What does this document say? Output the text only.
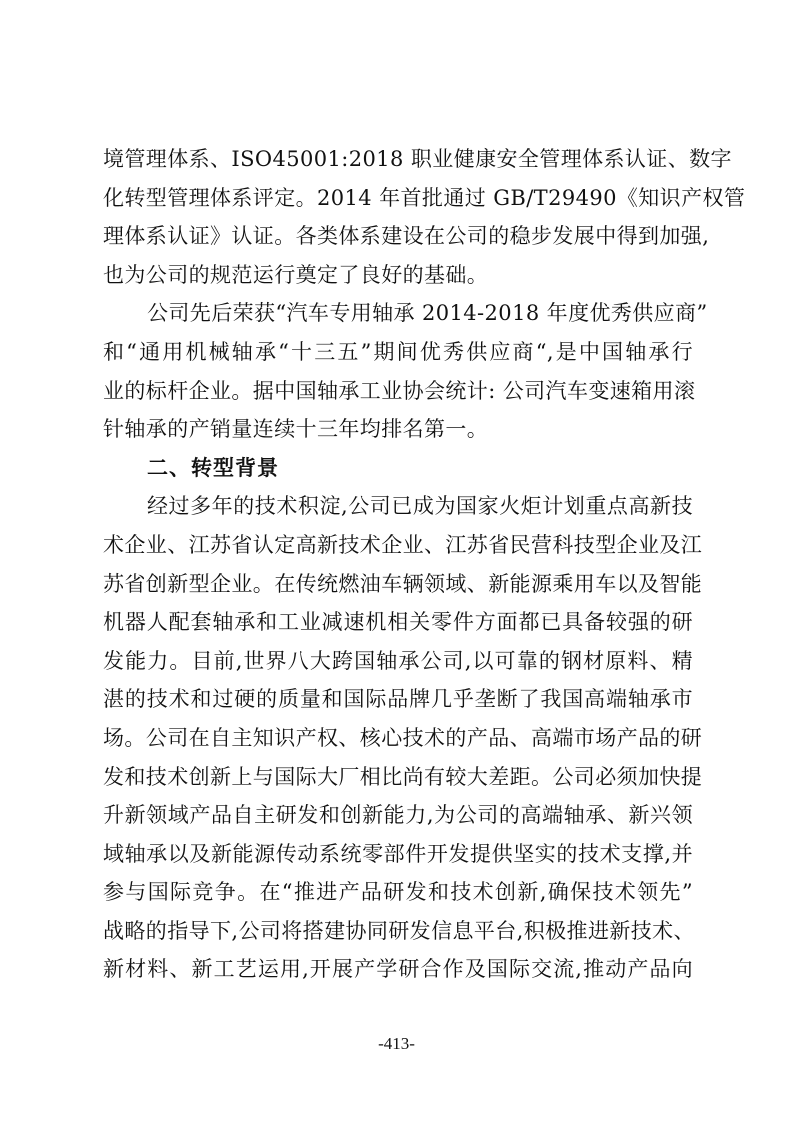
境管理体系、ISO45001:2018 职业健康安全管理体系认证、数字
化转型管理体系评定。2014 年首批通过 GB/T29490《知识产权管
理体系认证》认证。各类体系建设在公司的稳步发展中得到加强,
也为公司的规范运行奠定了良好的基础。
公司先后荣获“汽车专用轴承 2014-2018 年度优秀供应商”
和“通用机械轴承“十三五”期间优秀供应商“,是中国轴承行
业的标杆企业。据中国轴承工业协会统计: 公司汽车变速箱用滚
针轴承的产销量连续十三年均排名第一。
二、转型背景
经过多年的技术积淀,公司已成为国家火炬计划重点高新技
术企业、江苏省认定高新技术企业、江苏省民营科技型企业及江
苏省创新型企业。在传统燃油车辆领域、新能源乘用车以及智能
机器人配套轴承和工业减速机相关零件方面都已具备较强的研
发能力。目前,世界八大跨国轴承公司,以可靠的钢材原料、精
湛的技术和过硬的质量和国际品牌几乎垄断了我国高端轴承市
场。公司在自主知识产权、核心技术的产品、高端市场产品的研
发和技术创新上与国际大厂相比尚有较大差距。公司必须加快提
升新领域产品自主研发和创新能力,为公司的高端轴承、新兴领
域轴承以及新能源传动系统零部件开发提供坚实的技术支撑,并
参与国际竞争。在“推进产品研发和技术创新,确保技术领先”
战略的指导下,公司将搭建协同研发信息平台,积极推进新技术、
新材料、新工艺运用,开展产学研合作及国际交流,推动产品向
-413-
